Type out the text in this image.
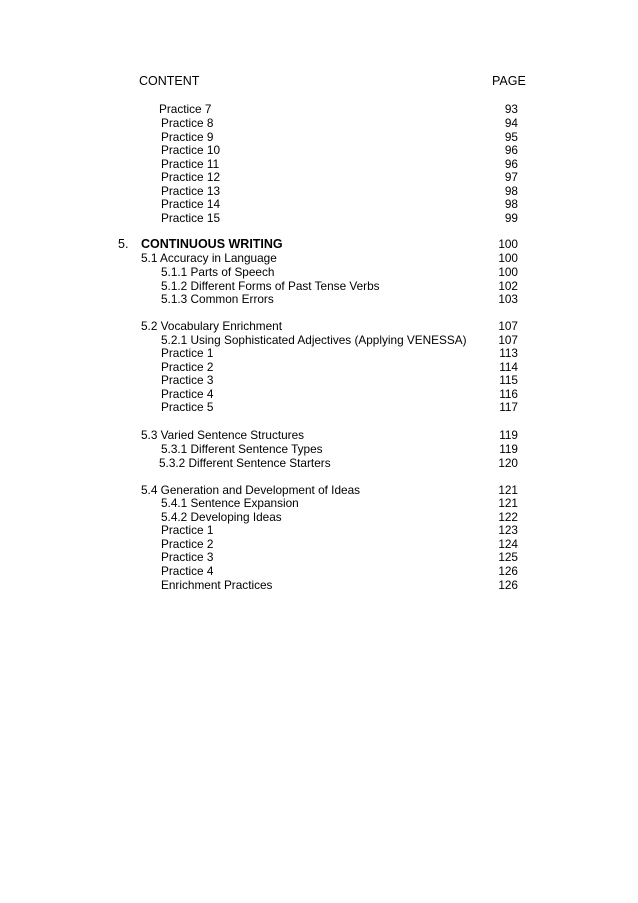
CONTENT	PAGE
Practice 7	93
Practice 8	94
Practice 9	95
Practice 10	96
Practice 11	96
Practice 12	97
Practice 13	98
Practice 14	98
Practice 15	99
5. CONTINUOUS WRITING	100
5.1 Accuracy in Language	100
5.1.1 Parts of Speech	100
5.1.2 Different Forms of Past Tense Verbs	102
5.1.3 Common Errors	103
5.2 Vocabulary Enrichment	107
5.2.1 Using Sophisticated Adjectives (Applying VENESSA)	107
Practice 1	113
Practice 2	114
Practice 3	115
Practice 4	116
Practice 5	117
5.3 Varied Sentence Structures	119
5.3.1 Different Sentence Types	119
5.3.2 Different Sentence Starters	120
5.4 Generation and Development of Ideas	121
5.4.1 Sentence Expansion	121
5.4.2 Developing Ideas	122
Practice 1	123
Practice 2	124
Practice 3	125
Practice 4	126
Enrichment Practices	126
